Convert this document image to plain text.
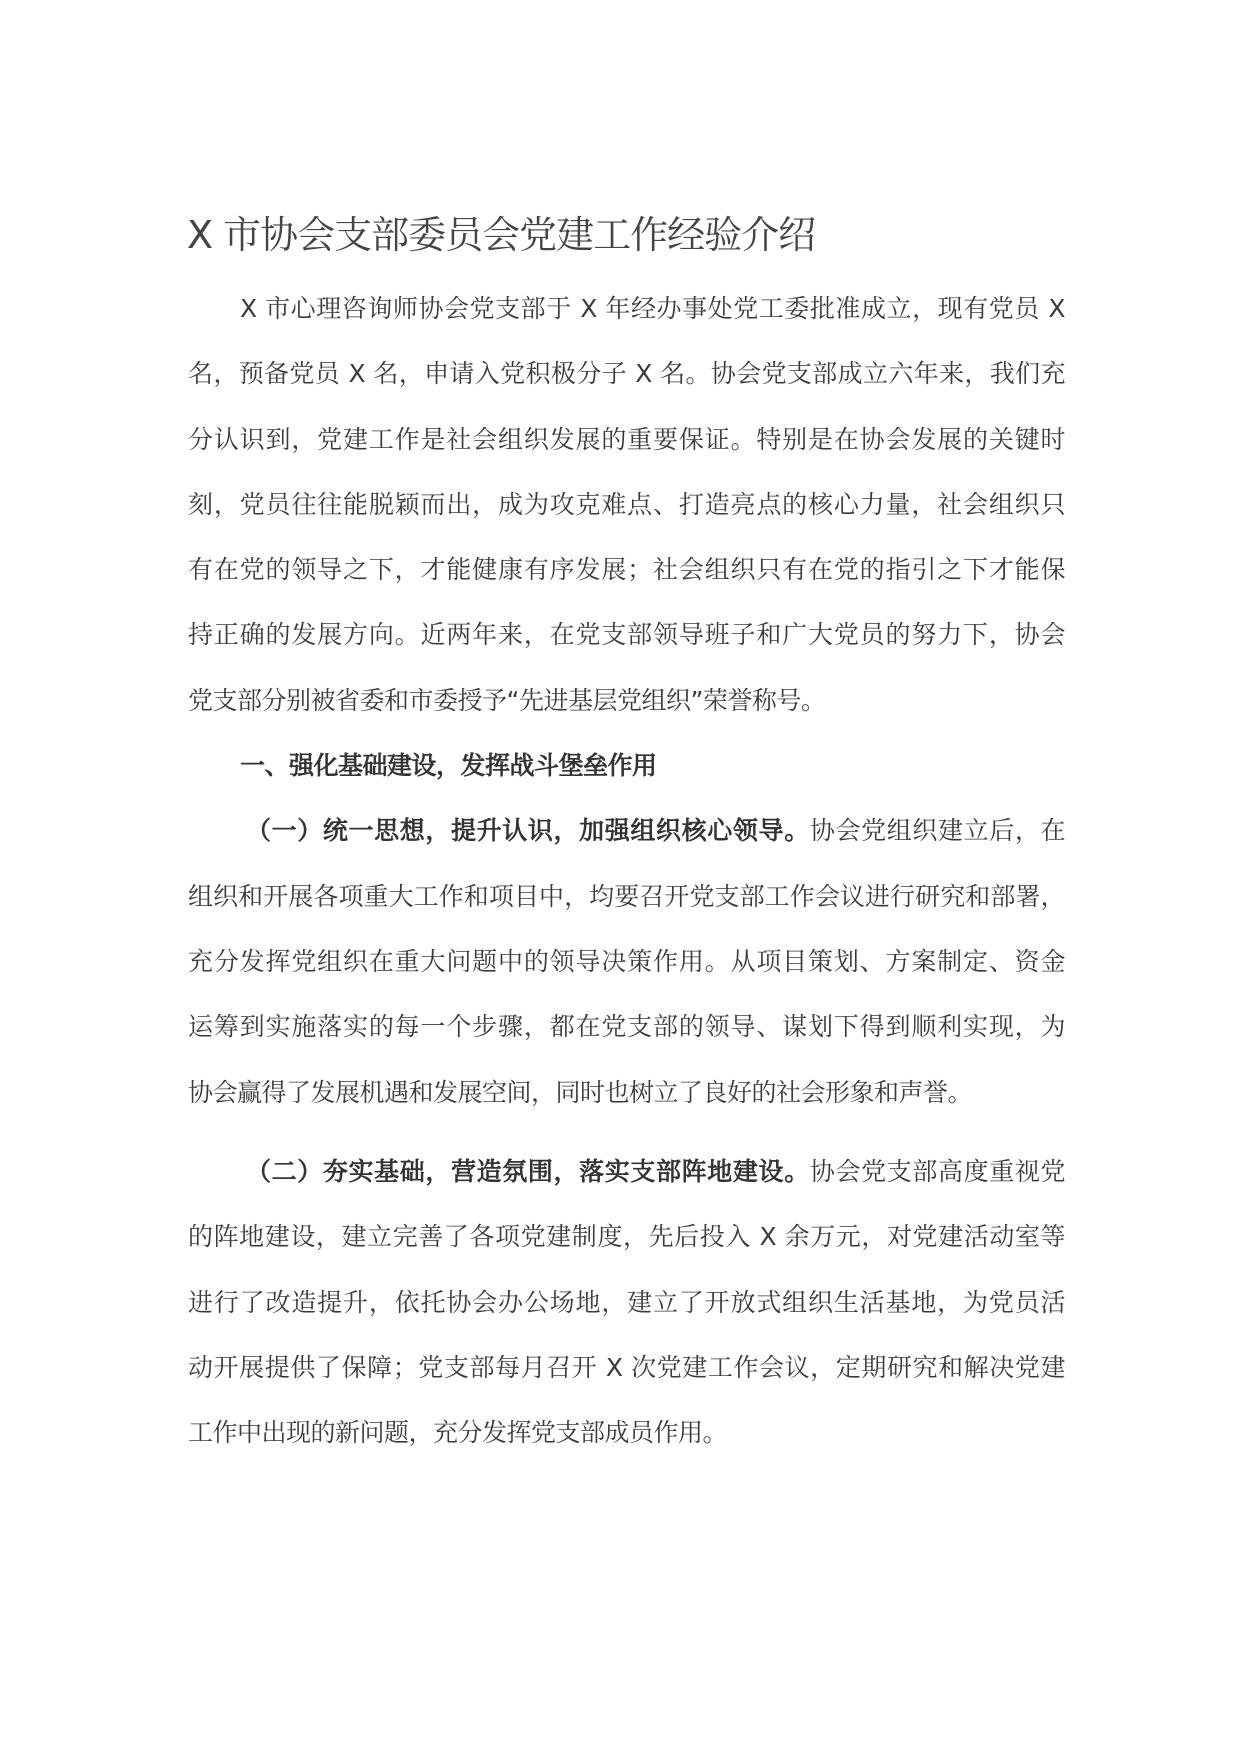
X 市协会支部委员会党建工作经验介绍
X 市心理咨询师协会党支部于 X 年经办事处党工委批准成立，现有党员 X
名，预备党员 X 名，申请入党积极分子 X 名。协会党支部成立六年来，我们充
分认识到，党建工作是社会组织发展的重要保证。特别是在协会发展的关键时
刻，党员往往能脱颖而出，成为攻克难点、打造亮点的核心力量，社会组织只
有在党的领导之下，才能健康有序发展；社会组织只有在党的指引之下才能保
持正确的发展方向。近两年来，在党支部领导班子和广大党员的努力下，协会
党支部分别被省委和市委授予“先进基层党组织”荣誉称号。
一、强化基础建设，发挥战斗堡垒作用
（一）统一思想，提升认识，加强组织核心领导。协会党组织建立后，在
组织和开展各项重大工作和项目中，均要召开党支部工作会议进行研究和部署，
充分发挥党组织在重大问题中的领导决策作用。从项目策划、方案制定、资金
运筹到实施落实的每一个步骤，都在党支部的领导、谋划下得到顺利实现，为
协会赢得了发展机遇和发展空间，同时也树立了良好的社会形象和声誉。
（二）夯实基础，营造氛围，落实支部阵地建设。协会党支部高度重视党
的阵地建设，建立完善了各项党建制度，先后投入 X 余万元，对党建活动室等
进行了改造提升，依托协会办公场地，建立了开放式组织生活基地，为党员活
动开展提供了保障；党支部每月召开 X 次党建工作会议，定期研究和解决党建
工作中出现的新问题，充分发挥党支部成员作用。
